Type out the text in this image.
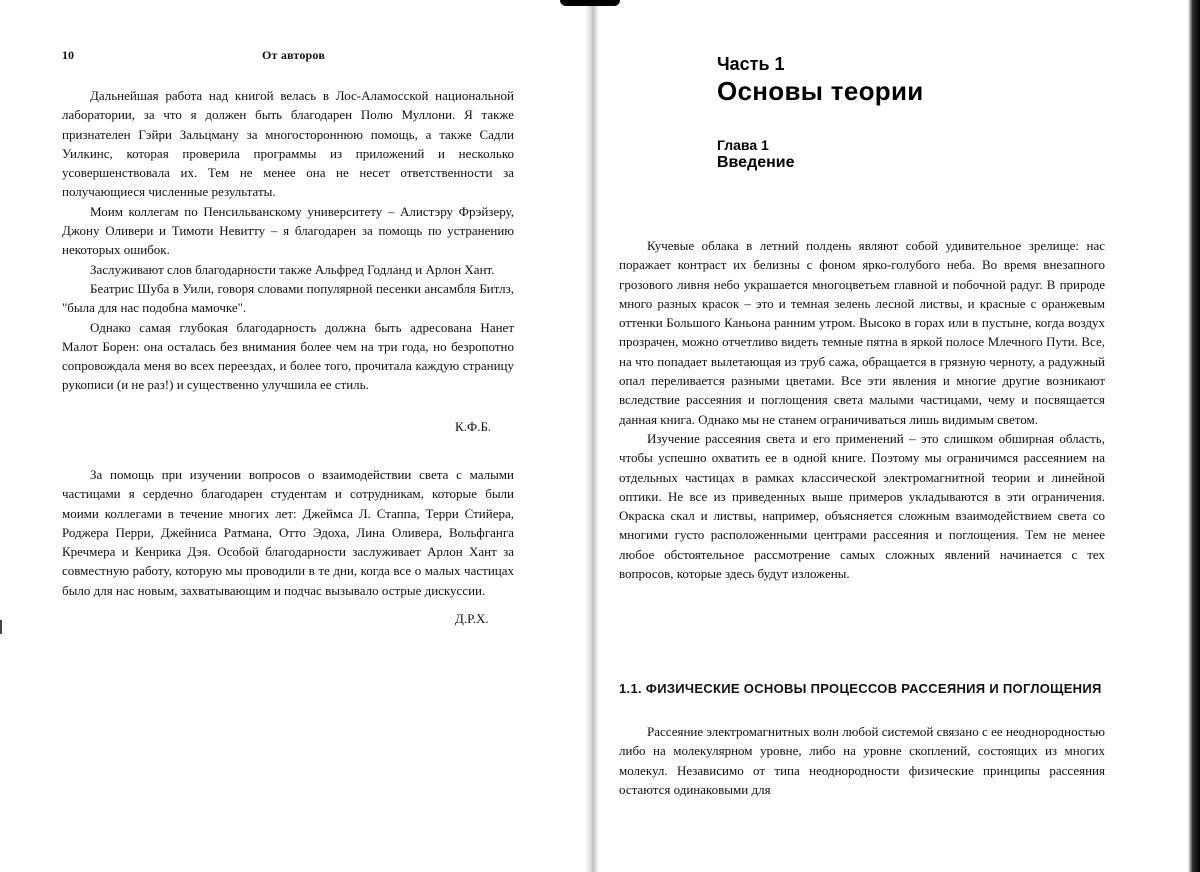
10	От авторов

Дальнейшая работа над книгой велась в Лос-Аламосской национальной лаборатории, за что я должен быть благодарен Полю Муллони. Я также признателен Гэйри Зальцману за многостороннюю помощь, а также Садли Уилкинс, которая проверила программы из приложений и несколько усовершенствовала их. Тем не менее она не несет ответственности за получающиеся численные результаты.

Моим коллегам по Пенсильванскому университету – Алистэру Фрэйзеру, Джону Оливери и Тимоти Невитту – я благодарен за помощь по устранению некоторых ошибок.

Заслуживают слов благодарности также Альфред Годланд и Арлон Хант.

Беатрис Шуба в Уили, говоря словами популярной песенки ансамбля Битлз, "была для нас подобна мамочке".

Однако самая глубокая благодарность должна быть адресована Нанет Малот Борен: она осталась без внимания более чем на три года, но безропотно сопровождала меня во всех переездах, и более того, прочитала каждую страницу рукописи (и не раз!) и существенно улучшила ее стиль.

К.Ф.Б.

За помощь при изучении вопросов о взаимодействии света с малыми частицами я сердечно благодарен студентам и сотрудникам, которые были моими коллегами в течение многих лет: Джеймса Л. Стаппа, Терри Стийера, Роджера Перри, Джейниса Ратмана, Отто Эдоха, Лина Оливера, Вольфганга Кречмера и Кенрика Дэя. Особой благодарности заслуживает Арлон Хант за совместную работу, которую мы проводили в те дни, когда все о малых частицах было для нас новым, захватывающим и подчас вызывало острые дискуссии.

Д.Р.Х.
Часть 1
Основы теории
Глава 1
Введение

Кучевые облака в летний полдень являют собой удивительное зрелище: нас поражает контраст их белизны с фоном ярко-голубого неба. Во время внезапного грозового ливня небо украшается многоцветьем главной и побочной радуг. В природе много разных красок – это и темная зелень лесной листвы, и красные с оранжевым оттенки Большого Каньона ранним утром. Высоко в горах или в пустыне, когда воздух прозрачен, можно отчетливо видеть темные пятна в яркой полосе Млечного Пути. Все, на что попадает вылетающая из труб сажа, обращается в грязную черноту, а радужный опал переливается разными цветами. Все эти явления и многие другие возникают вследствие рассеяния и поглощения света малыми частицами, чему и посвящается данная книга. Однако мы не станем ограничиваться лишь видимым светом.

Изучение рассеяния света и его применений – это слишком обширная область, чтобы успешно охватить ее в одной книге. Поэтому мы ограничимся рассеянием на отдельных частицах в рамках классической электромагнитной теории и линейной оптики. Не все из приведенных выше примеров укладываются в эти ограничения. Окраска скал и листвы, например, объясняется сложным взаимодействием света со многими густо расположенными центрами рассеяния и поглощения. Тем не менее любое обстоятельное рассмотрение самых сложных явлений начинается с тех вопросов, которые здесь будут изложены.

1.1. ФИЗИЧЕСКИЕ ОСНОВЫ ПРОЦЕССОВ РАССЕЯНИЯ И ПОГЛОЩЕНИЯ

Рассеяние электромагнитных волн любой системой связано с ее неоднородностью либо на молекулярном уровне, либо на уровне скоплений, состоящих из многих молекул. Независимо от типа неоднородности физические принципы рассеяния остаются одинаковыми для
